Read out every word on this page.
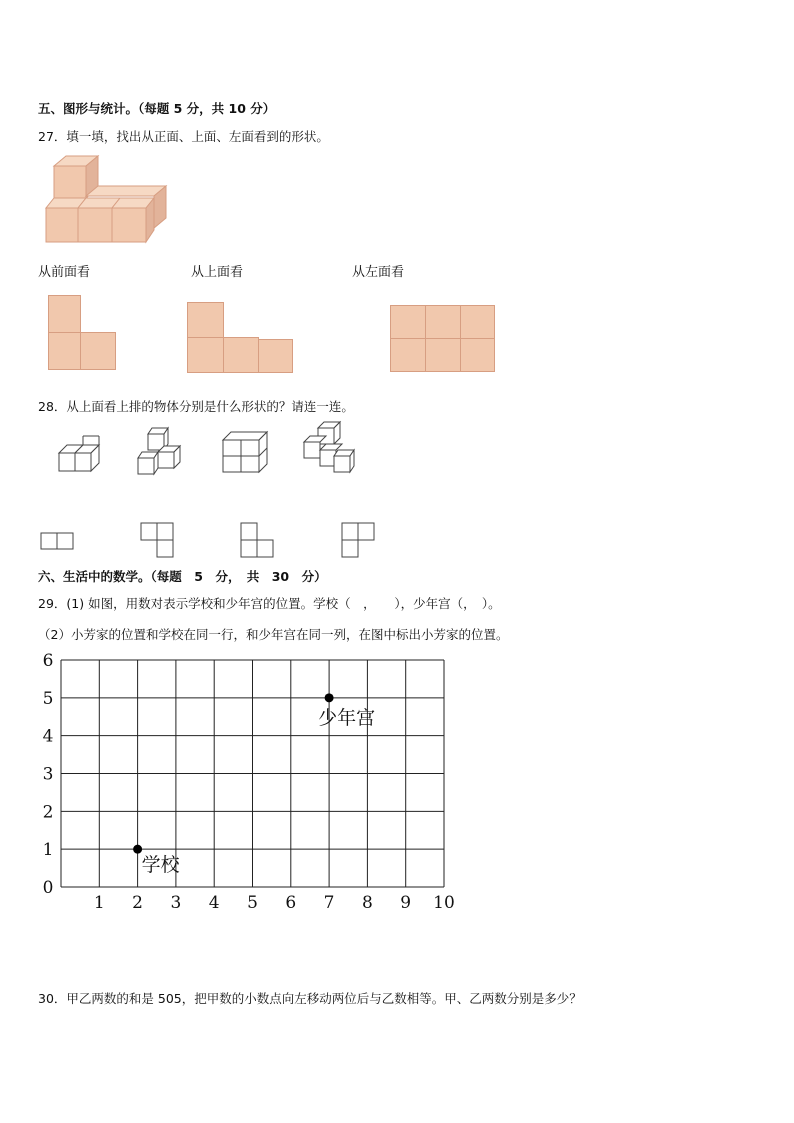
五、图形与统计。（每题 5 分，共 10 分）
27．填一填，找出从正面、上面、左面看到的形状。
从前面看	从上面看	从左面看
28．从上面看上排的物体分别是什么形状的？请连一连。
六、生活中的数学。（每题　5　分，　共　30　分）
29．(1) 如图，用数对表示学校和少年宫的位置。学校（　，　　），少年宫（，　）。
（2）小芳家的位置和学校在同一行，和少年宫在同一列，在图中标出小芳家的位置。
1 2 3 4 5 6 7 8 9 10
0
1
2
3
4
5
6
少年宫
学校
30．甲乙两数的和是 505，把甲数的小数点向左移动两位后与乙数相等。甲、乙两数分别是多少？
